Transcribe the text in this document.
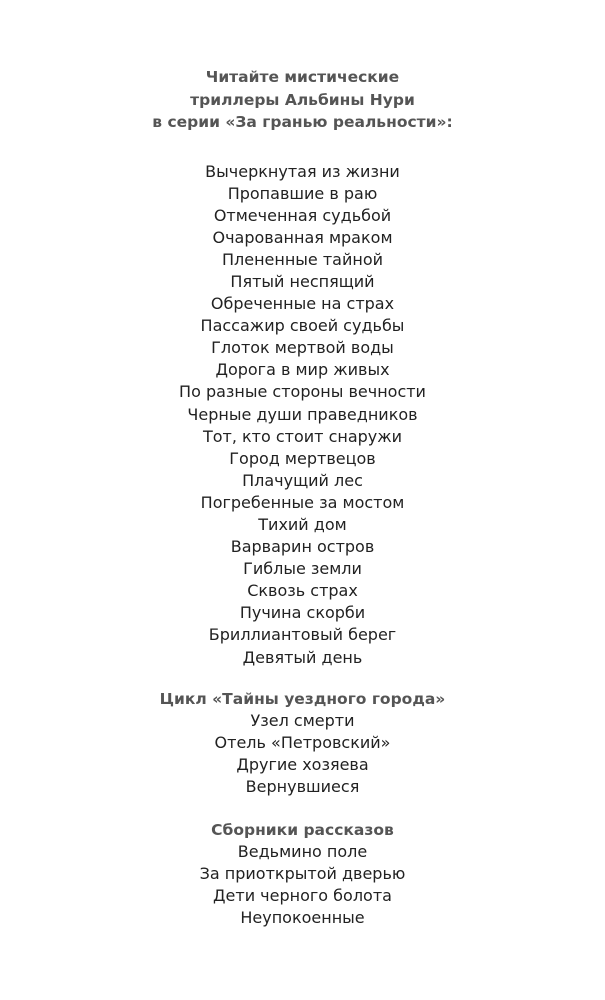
Читайте мистические

триллеры Альбины Нури

в серии «За гранью реальности»:

Вычеркнутая из жизни
Пропавшие в раю
Отмеченная судьбой
Очарованная мраком
Плененные тайной
Пятый неспящий
Обреченные на страх
Пассажир своей судьбы
Глоток мертвой воды
Дорога в мир живых
По разные стороны вечности
Черные души праведников
Тот, кто стоит снаружи
Город мертвецов
Плачущий лес
Погребенные за мостом
Тихий дом
Варварин остров
Гиблые земли
Сквозь страх
Пучина скорби
Бриллиантовый берег
Девятый день

Цикл «Тайны уездного города»

Узел смерти
Отель «Петровский»
Другие хозяева
Вернувшиеся

Сборники рассказов

Ведьмино поле
За приоткрытой дверью
Дети черного болота
Неупокоенные
